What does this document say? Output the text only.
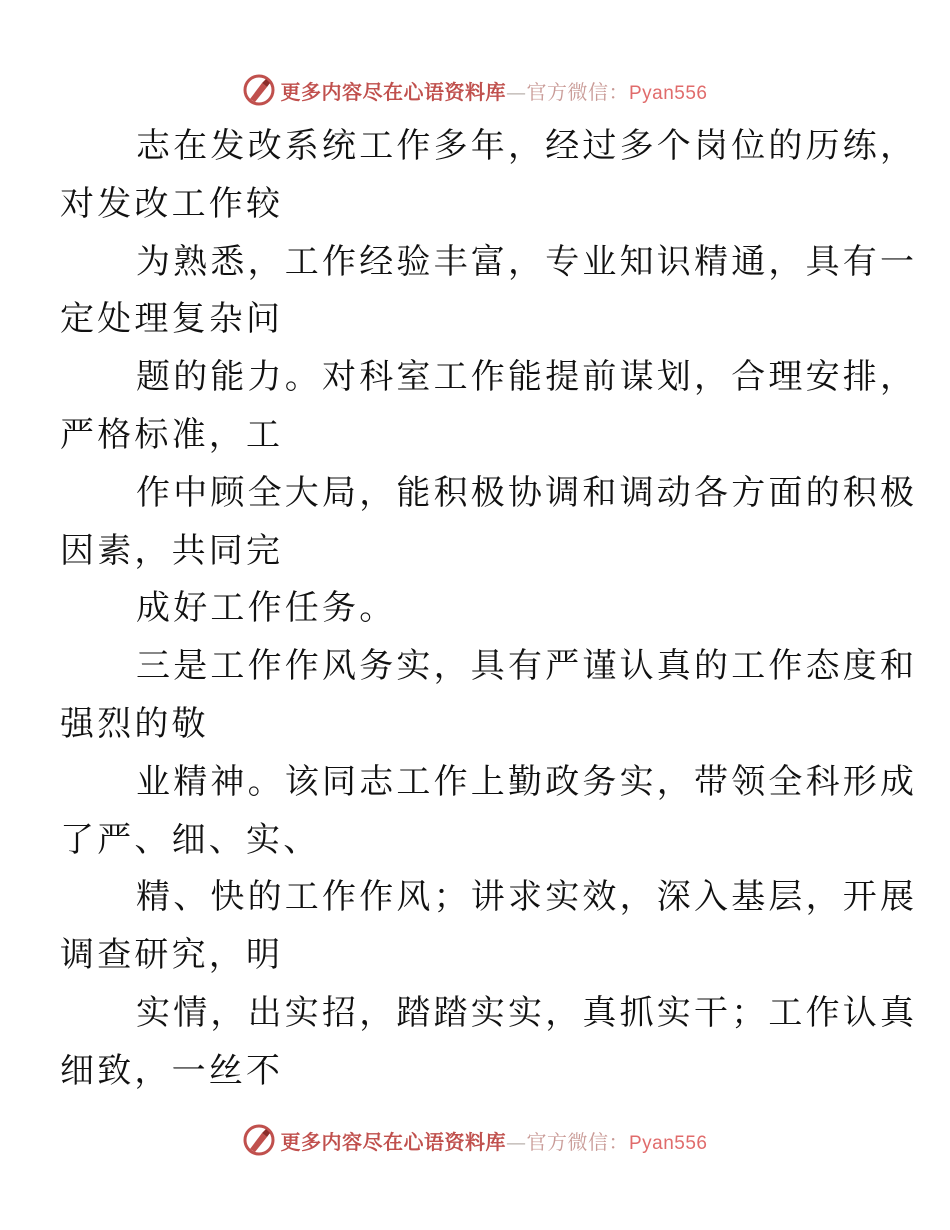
更多内容尽在心语资料库—官方微信：Pyan556

志在发改系统工作多年，经过多个岗位的历练，
对发改工作较

为熟悉，工作经验丰富，专业知识精通，具有一
定处理复杂问

题的能力。对科室工作能提前谋划，合理安排，
严格标准，工

作中顾全大局，能积极协调和调动各方面的积极
因素，共同完

成好工作任务。

三是工作作风务实，具有严谨认真的工作态度和
强烈的敬

业精神。该同志工作上勤政务实，带领全科形成
了严、细、实、

精、快的工作作风；讲求实效，深入基层，开展
调查研究，明

实情，出实招，踏踏实实，真抓实干；工作认真
细致，一丝不

更多内容尽在心语资料库—官方微信：Pyan556
